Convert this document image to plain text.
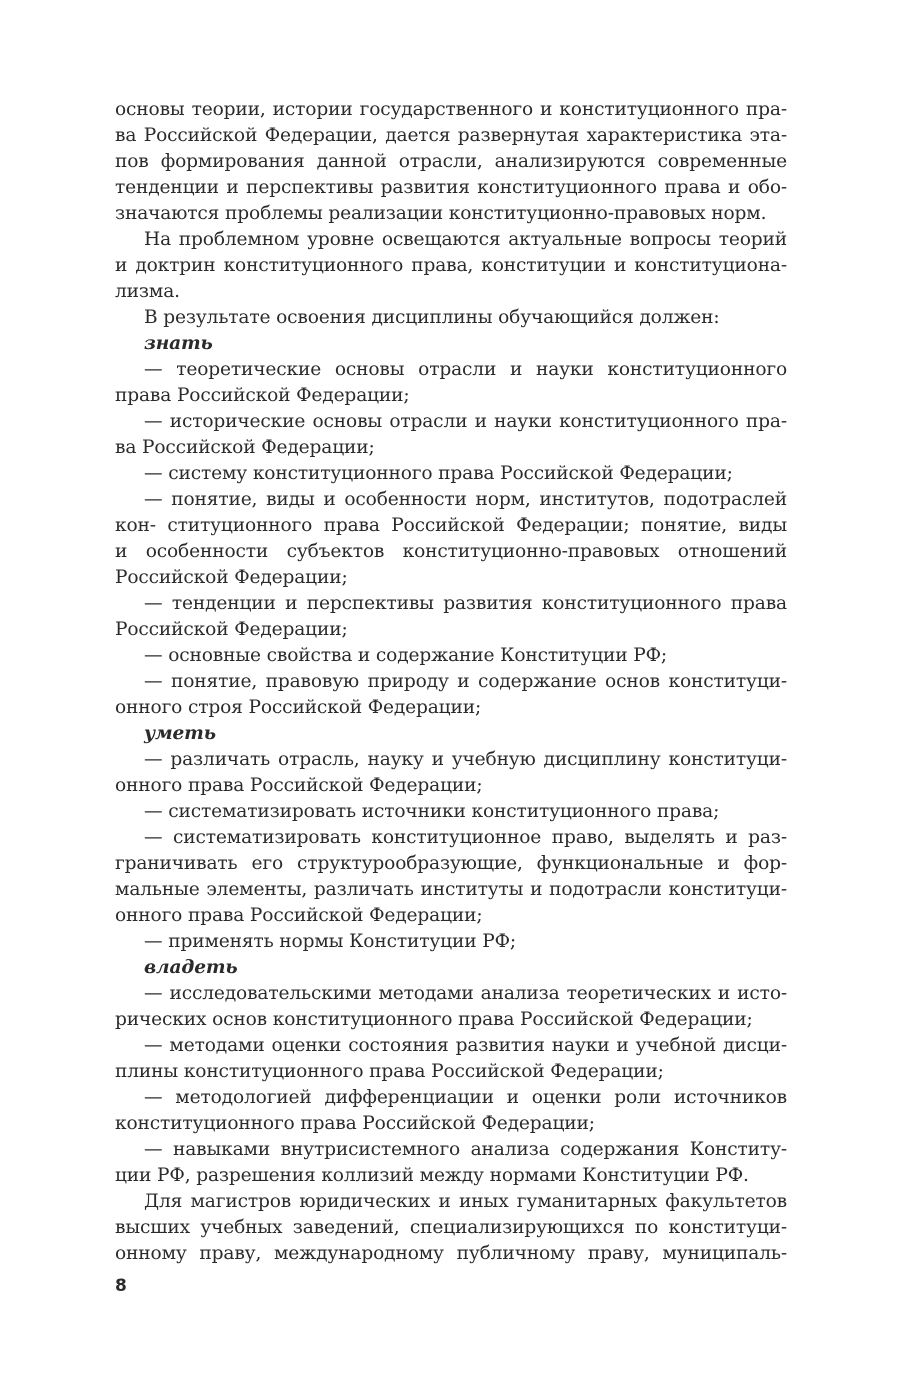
основы теории, истории государственного и конституционного пра-
ва Российской Федерации, дается развернутая характеристика эта-
пов формирования данной отрасли, анализируются современные
тенденции и перспективы развития конституционного права и обо-
значаются проблемы реализации конституционно-правовых норм.
На проблемном уровне освещаются актуальные вопросы теорий
и доктрин конституционного права, конституции и конституциона-
лизма.
В результате освоения дисциплины обучающийся должен:
знать
— теоретические основы отрасли и науки конституционного
права Российской Федерации;
— исторические основы отрасли и науки конституционного пра-
ва Российской Федерации;
— систему конституционного права Российской Федерации;
— понятие, виды и особенности норм, институтов, подотраслей
кон- ституционного права Российской Федерации; понятие, виды
и особенности субъектов конституционно-правовых отношений
Российской Федерации;
— тенденции и перспективы развития конституционного права
Российской Федерации;
— основные свойства и содержание Конституции РФ;
— понятие, правовую природу и содержание основ конституци-
онного строя Российской Федерации;
уметь
— различать отрасль, науку и учебную дисциплину конституци-
онного права Российской Федерации;
— систематизировать источники конституционного права;
— систематизировать конституционное право, выделять и раз-
граничивать его структурообразующие, функциональные и фор-
мальные элементы, различать институты и подотрасли конституци-
онного права Российской Федерации;
— применять нормы Конституции РФ;
владеть
— исследовательскими методами анализа теоретических и исто-
рических основ конституционного права Российской Федерации;
— методами оценки состояния развития науки и учебной дисци-
плины конституционного права Российской Федерации;
— методологией дифференциации и оценки роли источников
конституционного права Российской Федерации;
— навыками внутрисистемного анализа содержания Конститу-
ции РФ, разрешения коллизий между нормами Конституции РФ.
Для магистров юридических и иных гуманитарных факультетов
высших учебных заведений, специализирующихся по конституци-
онному праву, международному публичному праву, муниципаль-
8
